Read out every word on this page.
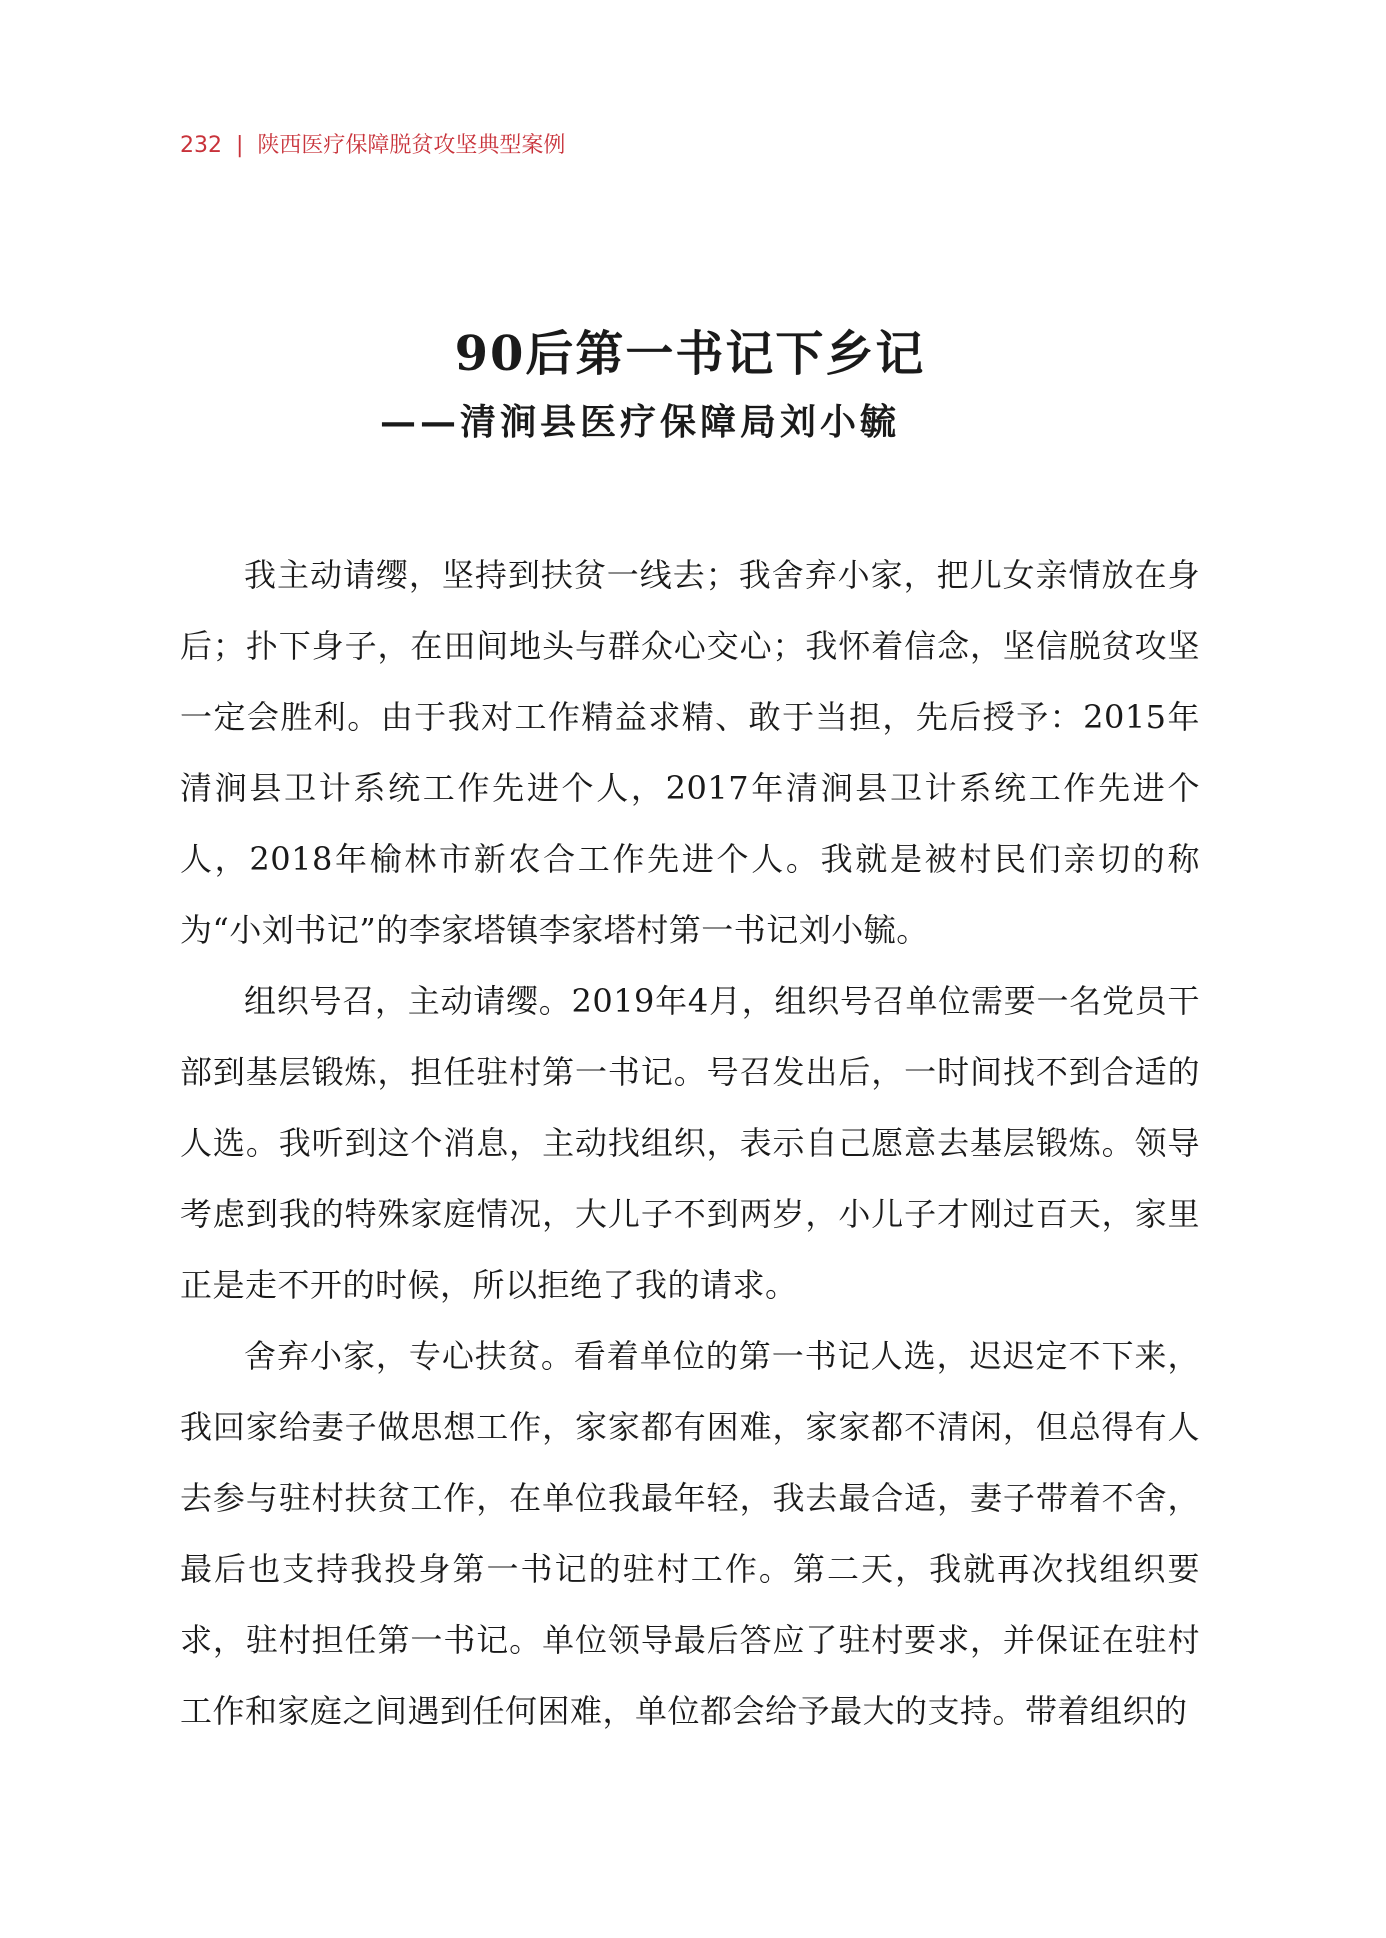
232 | 陕西医疗保障脱贫攻坚典型案例
90后第一书记下乡记
——清涧县医疗保障局刘小毓

我主动请缨，坚持到扶贫一线去；我舍弃小家，把儿女亲情放在身后；扑下身子，在田间地头与群众心交心；我怀着信念，坚信脱贫攻坚一定会胜利。由于我对工作精益求精、敢于当担，先后授予：2015年清涧县卫计系统工作先进个人，2017年清涧县卫计系统工作先进个人，2018年榆林市新农合工作先进个人。我就是被村民们亲切的称为“小刘书记”的李家塔镇李家塔村第一书记刘小毓。

组织号召，主动请缨。2019年4月，组织号召单位需要一名党员干部到基层锻炼，担任驻村第一书记。号召发出后，一时间找不到合适的人选。我听到这个消息，主动找组织，表示自己愿意去基层锻炼。领导考虑到我的特殊家庭情况，大儿子不到两岁，小儿子才刚过百天，家里正是走不开的时候，所以拒绝了我的请求。

舍弃小家，专心扶贫。看着单位的第一书记人选，迟迟定不下来，我回家给妻子做思想工作，家家都有困难，家家都不清闲，但总得有人去参与驻村扶贫工作，在单位我最年轻，我去最合适，妻子带着不舍，最后也支持我投身第一书记的驻村工作。第二天，我就再次找组织要求，驻村担任第一书记。单位领导最后答应了驻村要求，并保证在驻村工作和家庭之间遇到任何困难，单位都会给予最大的支持。带着组织的
